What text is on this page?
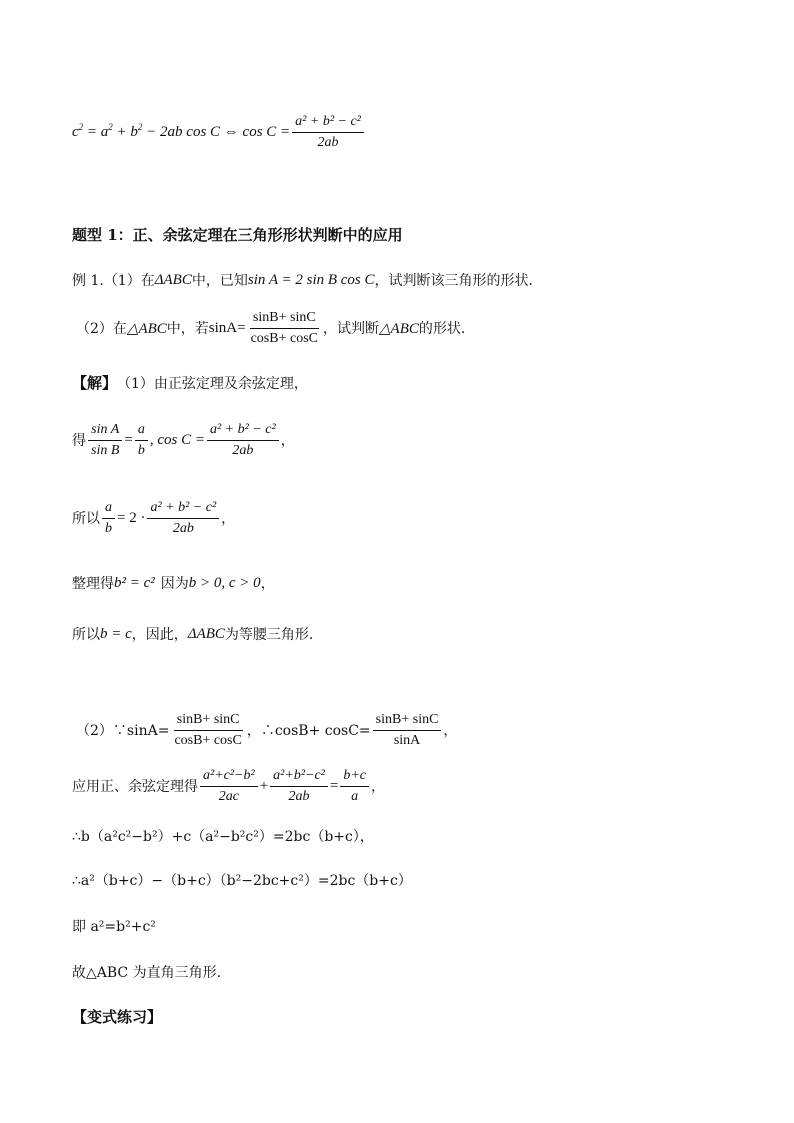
$c^2 = a^2 + b^2 - 2ab$ cos C ⇔ $\cos C = \frac{\text{a² + b² − c²}}{2ab}$
题型 1：正、余弦定理在三角形形状判断中的应用
例 1.（1）在 ΔABC 中，已知 sin A = 2 sin B cos C ，试判断该三角形的形状．
（2）在 △ABC 中，若 $\sin A= \frac{\sin B+ \sin C}{\cos B+ \cos C}$ ，试判断 △ABC 的形状.
【解】 （1）由正弦定理及余弦定理，
得 $\frac{\text{sin A}}{\text{sin B}} = \frac{a}{b}$ , $\cos C = \frac{\text{a² + b² − c²}}{2ab}$ ，
所以 $\frac{a}{b} = 2 \cdot \frac{\text{a² + b² − c²}}{2ab}$ ，
整理得 b² = c² 因为 b > 0, c > 0 ，
所以 b = c ，因此， ΔABC 为等腰三角形．
（2）∵sinA= $\frac{\sin B+ \sin C}{\cos B+ \cos C}$ ，∴cosB+ $\cos C= \frac{\sin B+ \sin C}{\sin A}$ ，
应用正、余弦定理得 $\frac{\text{a²+c²−b²}}{2ac} + \frac{\text{a²+b²−c²}}{2ab} = \frac{b+c}{a}$ ，
∴b（a²c²−b²）+c（a²−b²c²）=2bc（b+c），
∴a²（b+c）−（b+c）（b²−2bc+c²）=2bc（b+c）
即 a²=b²+c²
故△ABC 为直角三角形.
【变式练习】
